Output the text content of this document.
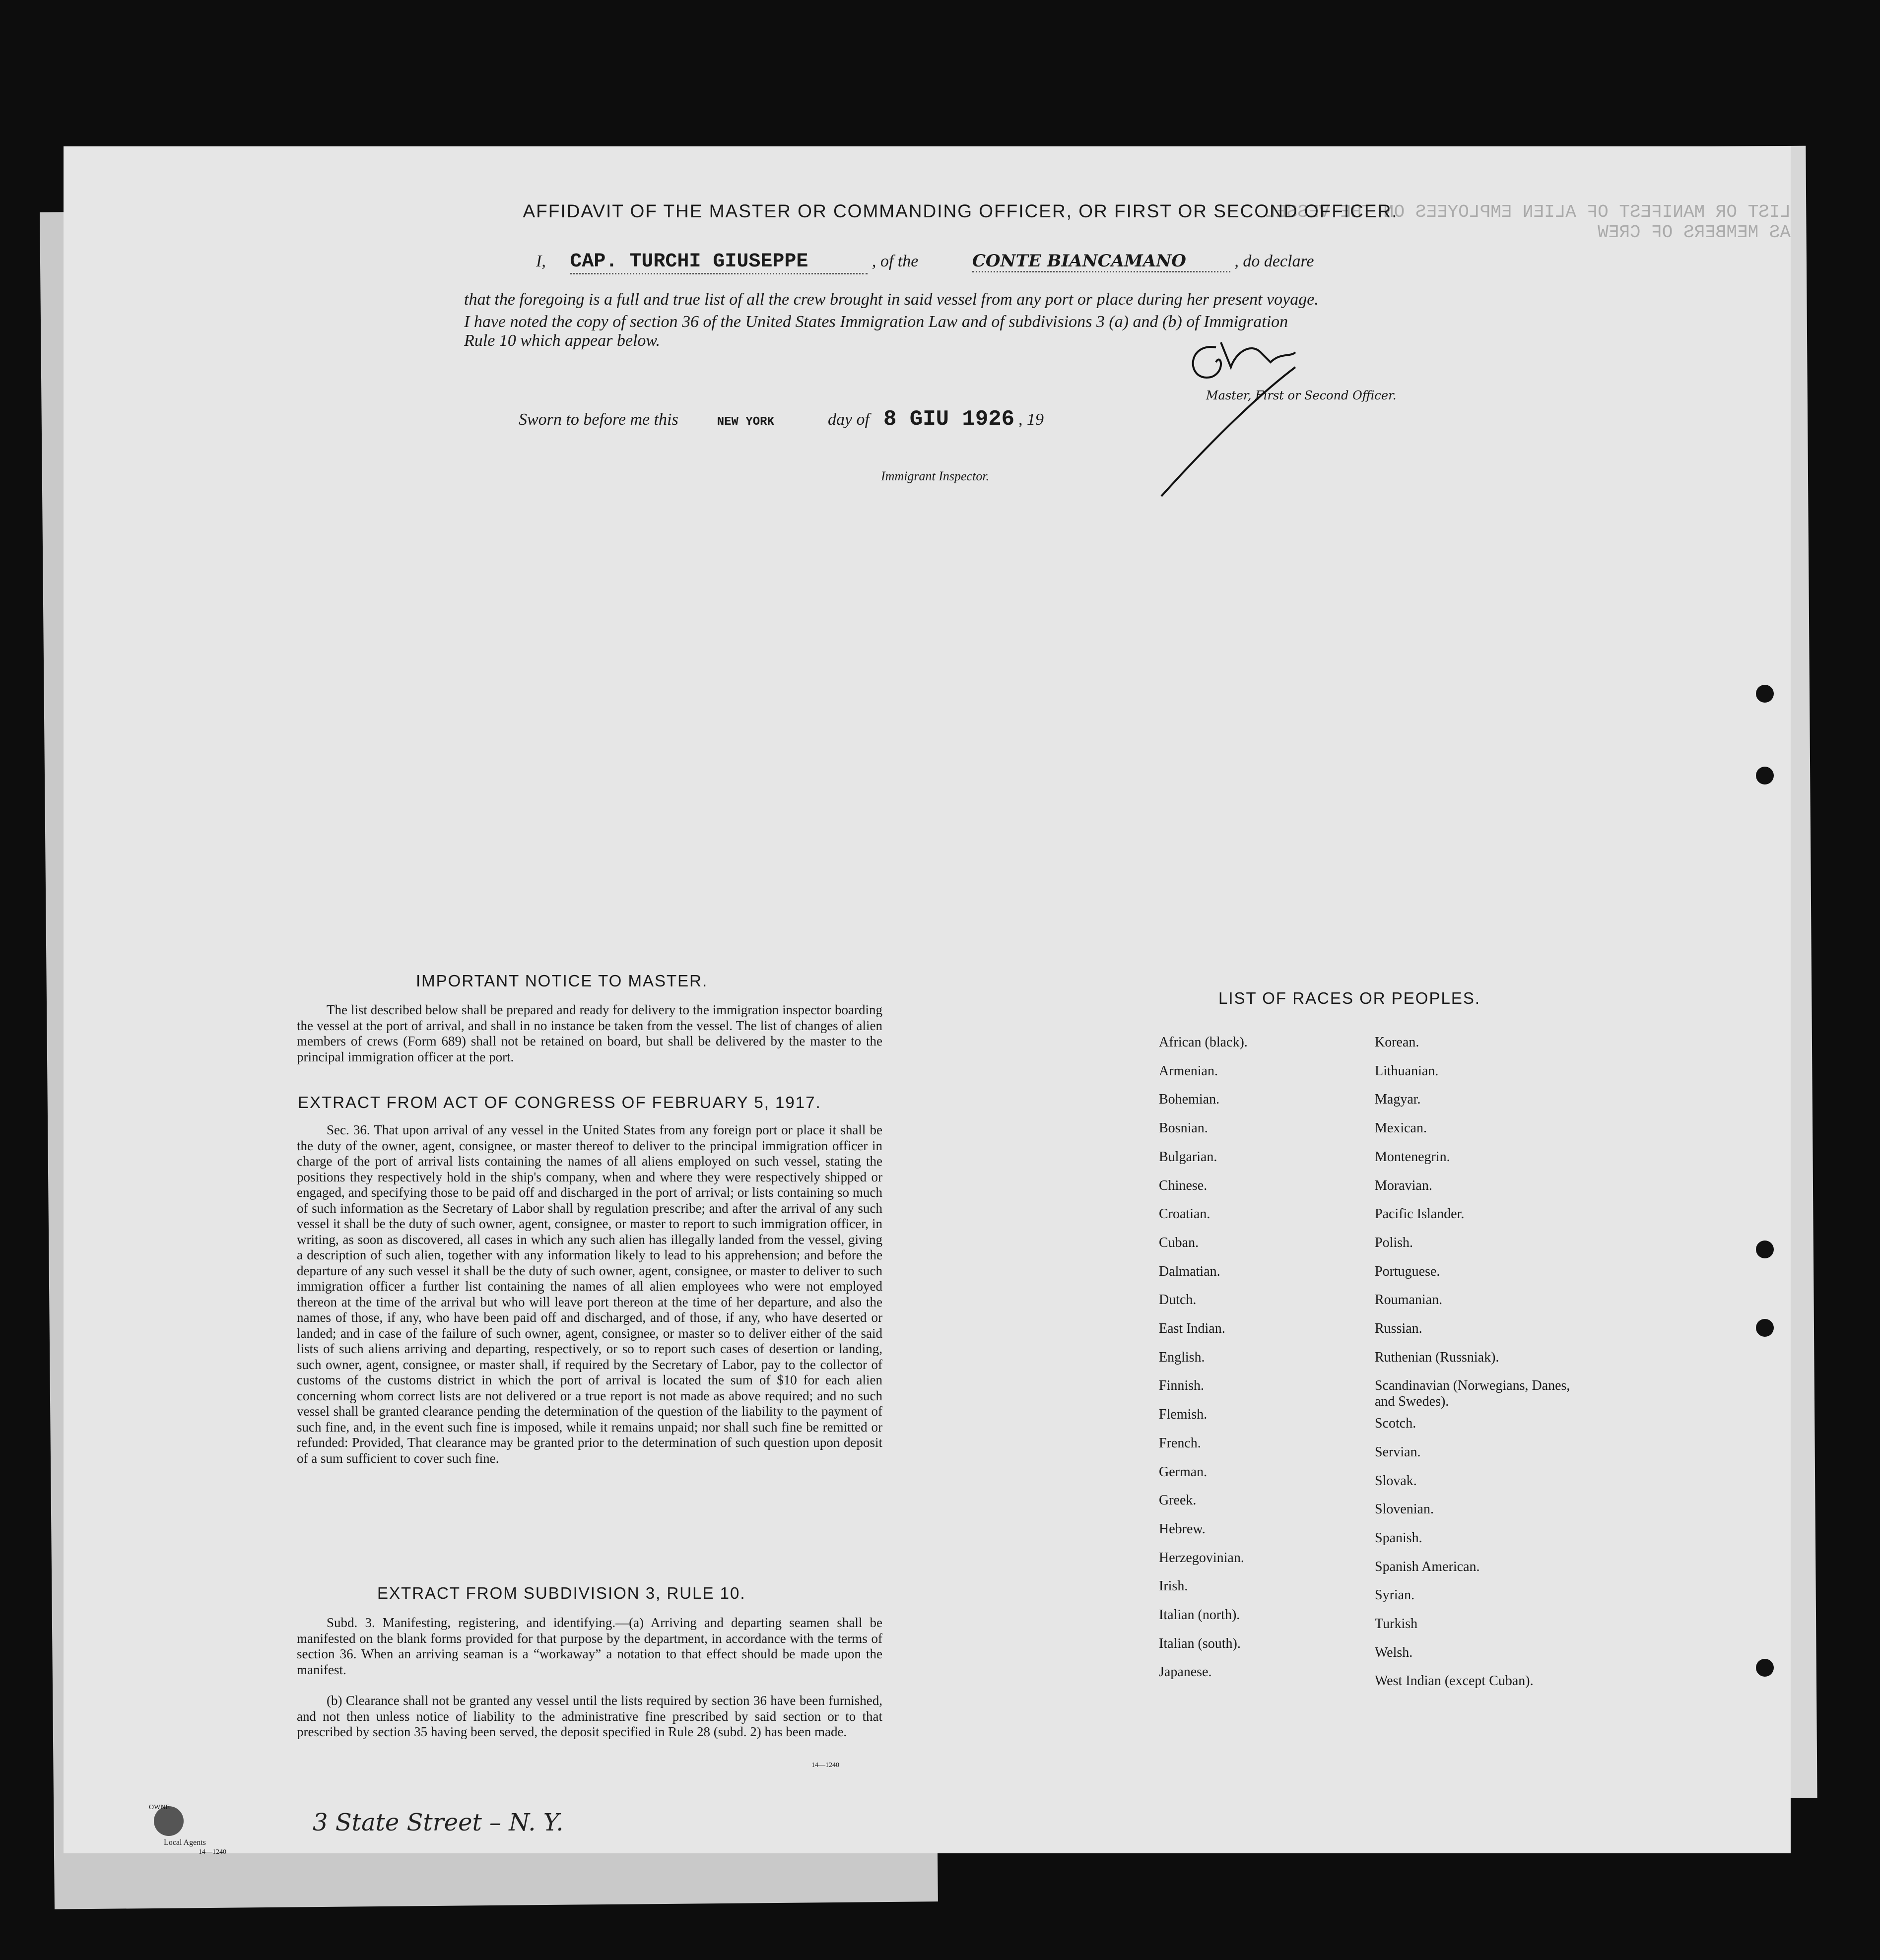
LIST OR MANIFEST OF ALIEN EMPLOYEES ON THE VESSEL AS MEMBERS OF CREW
AFFIDAVIT OF THE MASTER OR COMMANDING OFFICER, OR FIRST OR SECOND OFFICER.
I, CAP. TURCHI GIUSEPPE	, of the	CONTE BIANCAMANO	, do declare
that the foregoing is a full and true list of all the crew brought in said vessel from any port or place during her present voyage.
I have noted the copy of section 36 of the United States Immigration Law and of subdivisions 3 (a) and (b) of Immigration
Rule 10 which appear below.
Sworn to before me this	NEW YORK	day of 8 GIU 1926 , 19
Immigrant Inspector.
Master, First or Second Officer.
IMPORTANT NOTICE TO MASTER.
The list described below shall be prepared and ready for delivery to the immigration inspector boarding the vessel at the port of arrival, and shall in no instance be taken from the vessel. The list of changes of alien members of crews (Form 689) shall not be retained on board, but shall be delivered by the master to the principal immigration officer at the port.
EXTRACT FROM ACT OF CONGRESS OF FEBRUARY 5, 1917.
Sec. 36. That upon arrival of any vessel in the United States from any foreign port or place it shall be the duty of the owner, agent, consignee, or master thereof to deliver to the principal immigration officer in charge of the port of arrival lists containing the names of all aliens employed on such vessel, stating the positions they respectively hold in the ship's company, when and where they were respectively shipped or engaged, and specifying those to be paid off and discharged in the port of arrival; or lists containing so much of such information as the Secretary of Labor shall by regulation prescribe; and after the arrival of any such vessel it shall be the duty of such owner, agent, consignee, or master to report to such immigration officer, in writing, as soon as discovered, all cases in which any such alien has illegally landed from the vessel, giving a description of such alien, together with any information likely to lead to his apprehension; and before the departure of any such vessel it shall be the duty of such owner, agent, consignee, or master to deliver to such immigration officer a further list containing the names of all alien employees who were not employed thereon at the time of the arrival but who will leave port thereon at the time of her departure, and also the names of those, if any, who have been paid off and discharged, and of those, if any, who have deserted or landed; and in case of the failure of such owner, agent, consignee, or master so to deliver either of the said lists of such aliens arriving and departing, respectively, or so to report such cases of desertion or landing, such owner, agent, consignee, or master shall, if required by the Secretary of Labor, pay to the collector of customs of the customs district in which the port of arrival is located the sum of $10 for each alien concerning whom correct lists are not delivered or a true report is not made as above required; and no such vessel shall be granted clearance pending the determination of the question of the liability to the payment of such fine, and, in the event such fine is imposed, while it remains unpaid; nor shall such fine be remitted or refunded: Provided, That clearance may be granted prior to the determination of such question upon deposit of a sum sufficient to cover such fine.
EXTRACT FROM SUBDIVISION 3, RULE 10.
Subd. 3. Manifesting, registering, and identifying.—(a) Arriving and departing seamen shall be manifested on the blank forms provided for that purpose by the department, in accordance with the terms of section 36. When an arriving seaman is a “workaway” a notation to that effect should be made upon the manifest.
(b) Clearance shall not be granted any vessel until the lists required by section 36 have been furnished, and not then unless notice of liability to the administrative fine prescribed by said section or to that prescribed by section 35 having been served, the deposit specified in Rule 28 (subd. 2) has been made.
14—1240
LIST OF RACES OR PEOPLES.
African (black).
Armenian.
Bohemian.
Bosnian.
Bulgarian.
Chinese.
Croatian.
Cuban.
Dalmatian.
Dutch.
East Indian.
English.
Finnish.
Flemish.
French.
German.
Greek.
Hebrew.
Herzegovinian.
Irish.
Italian (north).
Italian (south).
Japanese.
Korean.
Lithuanian.
Magyar.
Mexican.
Montenegrin.
Moravian.
Pacific Islander.
Polish.
Portuguese.
Roumanian.
Russian.
Ruthenian (Russniak).
Scandinavian (Norwegians, Danes, and Swedes).
Scotch.
Servian.
Slovak.
Slovenian.
Spanish.
Spanish American.
Syrian.
Turkish
Welsh.
West Indian (except Cuban).
3 State Street – N. Y.
OWNE
Local Agents
14—1240
